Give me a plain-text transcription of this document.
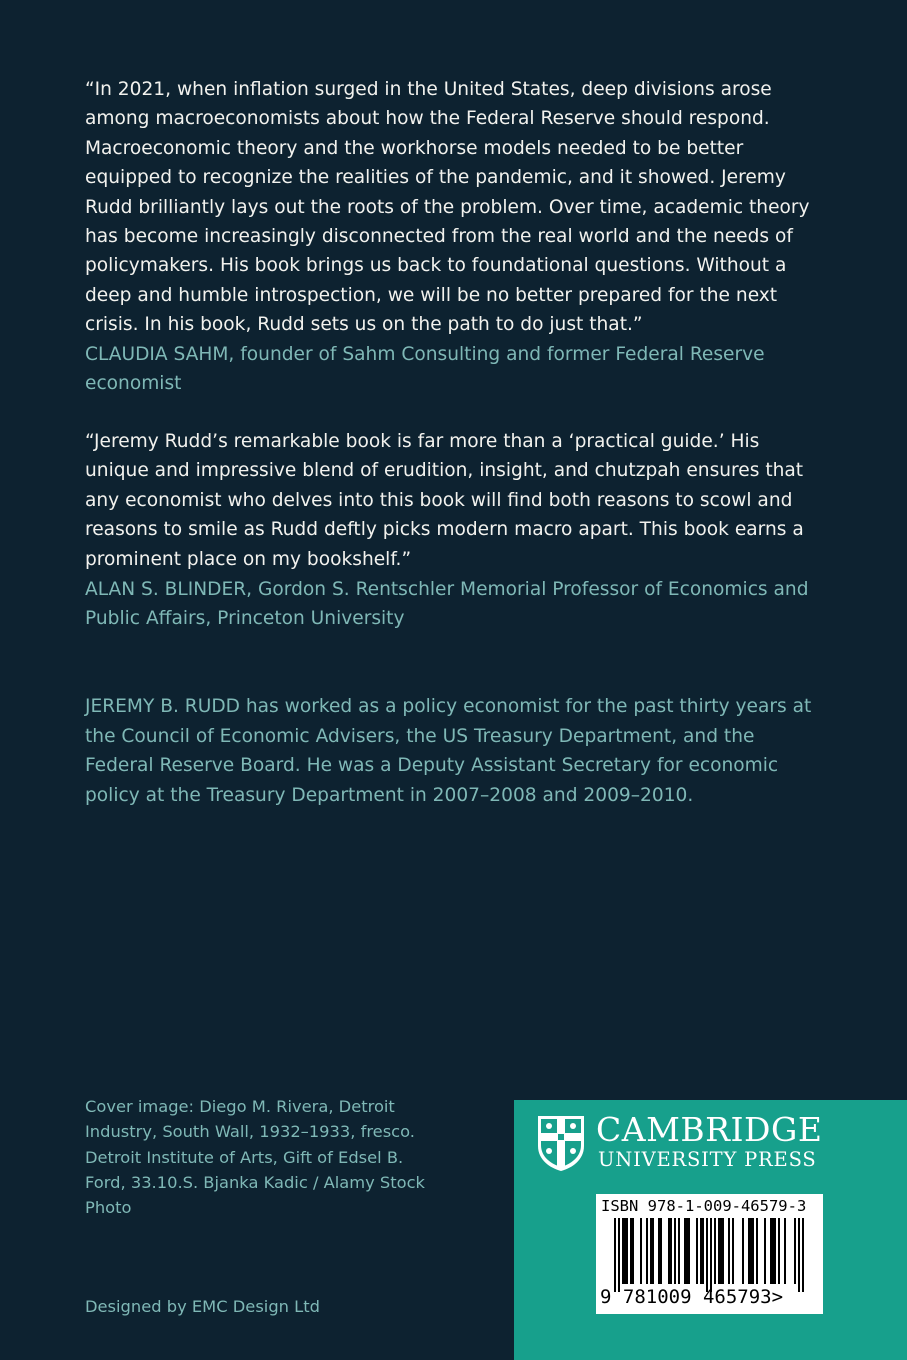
“In 2021, when inflation surged in the United States, deep divisions arose among macroeconomists about how the Federal Reserve should respond. Macroeconomic theory and the workhorse models needed to be better equipped to recognize the realities of the pandemic, and it showed. Jeremy Rudd brilliantly lays out the roots of the problem. Over time, academic theory has become increasingly disconnected from the real world and the needs of policymakers. His book brings us back to foundational questions. Without a deep and humble introspection, we will be no better prepared for the next crisis. In his book, Rudd sets us on the path to do just that.”

CLAUDIA SAHM, founder of Sahm Consulting and former Federal Reserve economist

“Jeremy Rudd’s remarkable book is far more than a ‘practical guide.’ His unique and impressive blend of erudition, insight, and chutzpah ensures that any economist who delves into this book will find both reasons to scowl and reasons to smile as Rudd deftly picks modern macro apart. This book earns a prominent place on my bookshelf.”

ALAN S. BLINDER, Gordon S. Rentschler Memorial Professor of Economics and Public Affairs, Princeton University

JEREMY B. RUDD has worked as a policy economist for the past thirty years at the Council of Economic Advisers, the US Treasury Department, and the Federal Reserve Board. He was a Deputy Assistant Secretary for economic policy at the Treasury Department in 2007–2008 and 2009–2010.

Cover image: Diego M. Rivera, Detroit Industry, South Wall, 1932–1933, fresco. Detroit Institute of Arts, Gift of Edsel B. Ford, 33.10.S. Bjanka Kadic / Alamy Stock Photo

Designed by EMC Design Ltd

CAMBRIDGE
UNIVERSITY PRESS
ISBN 978-1-009-46579-3
9 781009 465793>
